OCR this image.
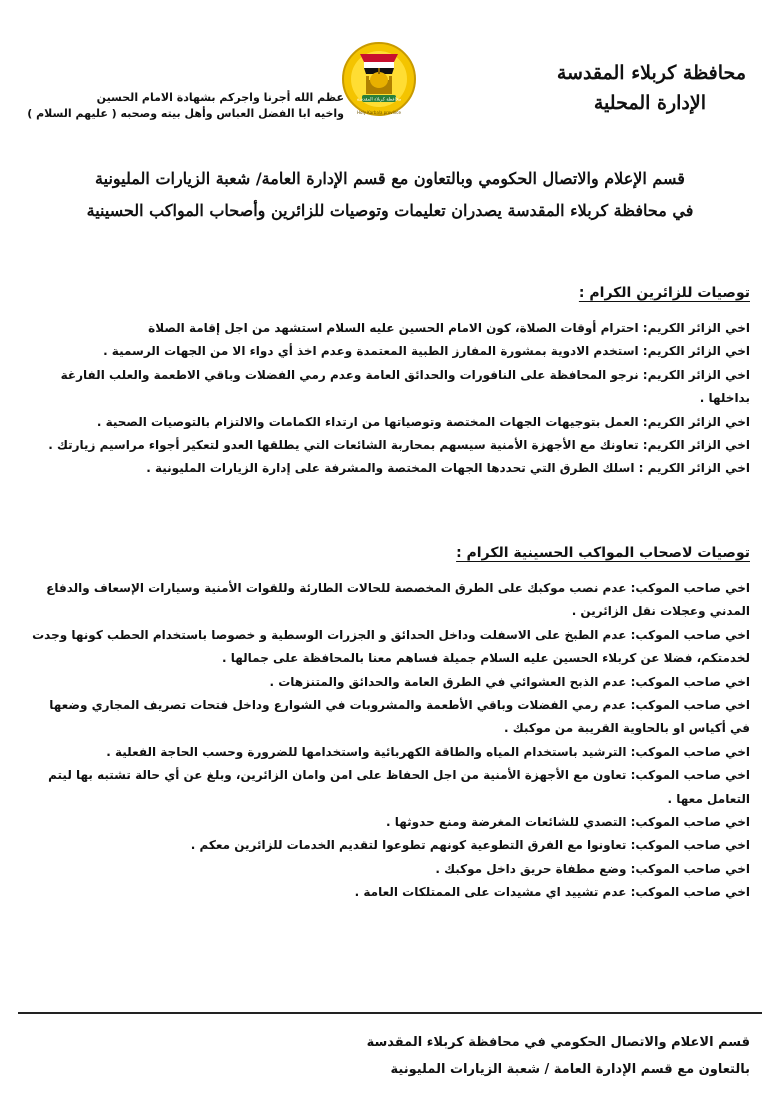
محافظة كربلاء المقدسة
الإدارة المحلية
محافظة كربلاء المقدسة
Holy Karbala province
عظم الله أجرنا واجركم بشهادة الامام الحسين
واخيه ابا الفضل العباس وأهل بيته وصحبه ( عليهم السلام )
قسم الإعلام والاتصال الحكومي وبالتعاون مع قسم الإدارة العامة/ شعبة الزيارات المليونية
في محافظة كربلاء المقدسة يصدران تعليمات وتوصيات للزائرين وأصحاب المواكب الحسينية
توصيات للزائرين الكرام :
اخي الزائر الكريم: احترام أوقات الصلاة، كون الامام الحسين عليه السلام استشهد من اجل إقامة الصلاة
اخي الزائر الكريم: استخدم الادوية بمشورة المفارز الطبية المعتمدة وعدم اخذ أي دواء الا من الجهات الرسمية .
اخي الزائر الكريم: نرجو المحافظة على النافورات والحدائق العامة وعدم رمي الفضلات وباقي الاطعمة والعلب الفارغة بداخلها .
اخي الزائر الكريم: العمل بتوجيهات الجهات المختصة وتوصياتها من ارتداء الكمامات والالتزام بالتوصيات الصحية .
اخي الزائر الكريم: تعاونك مع الأجهزة الأمنية سيسهم بمحاربة الشائعات التي يطلقها العدو لتعكير أجواء مراسيم زيارتك .
اخي الزائر الكريم : اسلك الطرق التي تحددها الجهات المختصة والمشرفة على إدارة الزيارات المليونية .
توصيات لاصحاب المواكب الحسينية الكرام :
اخي صاحب الموكب: عدم نصب موكبك على الطرق المخصصة للحالات الطارئة وللقوات الأمنية وسيارات الإسعاف والدفاع المدني وعجلات نقل الزائرين .
اخي صاحب الموكب: عدم الطبخ على الاسفلت وداخل الحدائق و الجزرات الوسطية و خصوصا باستخدام الحطب كونها وجدت لخدمتكم، فضلا عن كربلاء الحسين عليه السلام جميلة فساهم معنا بالمحافظة على جمالها .
اخي صاحب الموكب: عدم الذبح العشوائي في الطرق العامة والحدائق والمتنزهات .
اخي صاحب الموكب: عدم رمي الفضلات وباقي الأطعمة والمشروبات في الشوارع وداخل فتحات تصريف المجاري وضعها في أكياس او بالحاوية القريبة من موكبك .
اخي صاحب الموكب: الترشيد باستخدام المياه والطاقة الكهربائية واستخدامها للضرورة وحسب الحاجة الفعلية .
اخي صاحب الموكب: تعاون مع الأجهزة الأمنية من اجل الحفاظ على امن وامان الزائرين، وبلغ عن أي حالة تشتبه بها ليتم التعامل معها .
اخي صاحب الموكب: التصدي للشائعات المغرضة ومنع حدوثها .
اخي صاحب الموكب: تعاونوا مع الفرق التطوعية كونهم تطوعوا لتقديم الخدمات للزائرين معكم .
اخي صاحب الموكب: وضع مطفاة حريق داخل موكبك .
اخي صاحب الموكب: عدم تشييد اي مشيدات على الممتلكات العامة .
قسم الاعلام والاتصال الحكومي في محافظة كربلاء المقدسة
بالتعاون مع قسم الإدارة العامة / شعبة الزيارات المليونية
